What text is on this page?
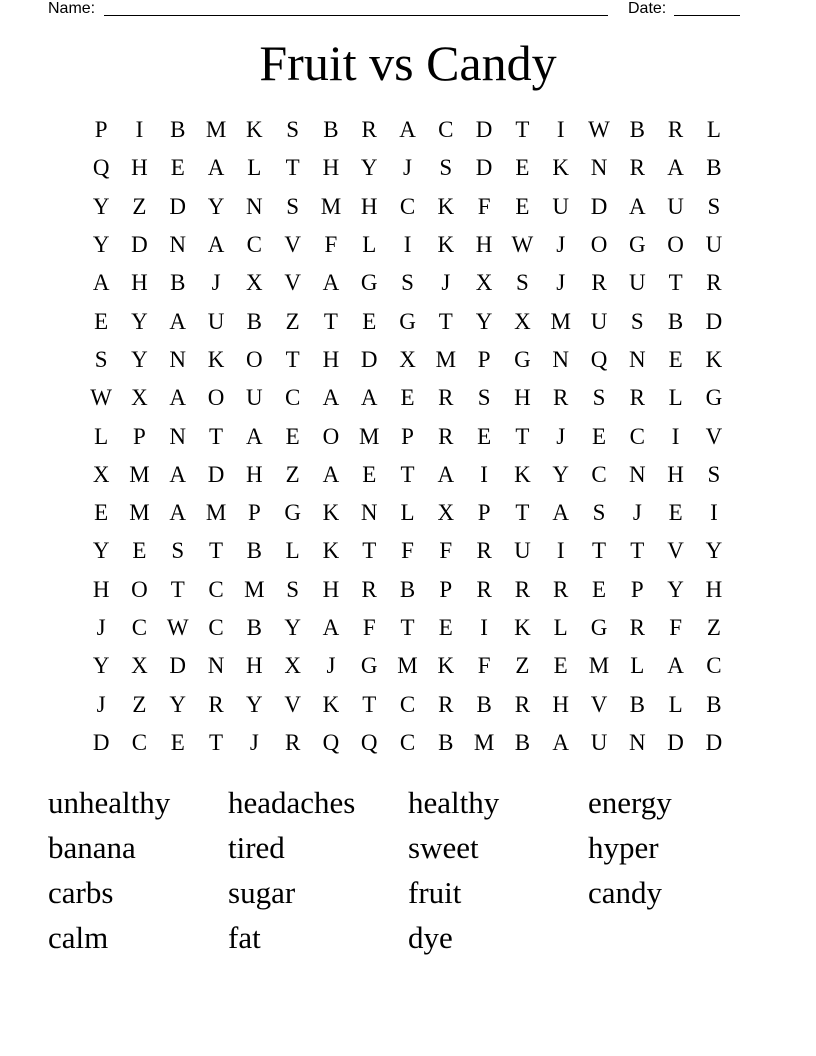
Name:	Date:
Fruit vs Candy
P	I	B M K	S	B R A C D T	I	W B R	L
Q H E A L	T H Y	J	S	D E K N R A B
Y Z D Y N	S M H C K	F	E U D A U	S
Y D N A C V	F	L	I	K H W J	O G O U
A H B	J	X V A G	S	J	X	S	J	R U T	R
E Y A U B	Z	T	E G T Y X M U	S	B D
S	Y N K O T H D X M P	G N Q N E K
W X A O U C A A E	R	S	H R	S	R	L G
L	P	N T A E O M P	R	E	T	J	E	C	I	V
X M A D H Z A E	T A	I	K Y C N H	S
E M A M P	G K N L X	P	T A	S	J	E	I
Y E	S	T	B	L K T	F	F	R U	I	T	T V Y
H O T	C M S	H R B	P	R R R	E	P	Y H
J	C W C B Y A	F	T	E	I	K L G R	F	Z
Y X D N H X	J	G M K	F	Z	E M L A C
J	Z Y R Y V K T	C R B R H V B	L	B
D C	E	T	J	R Q Q C B M B A U N D D
unhealthy	headaches	healthy	energy
banana	tired	sweet	hyper
carbs	sugar	fruit	candy
calm	fat	dye
